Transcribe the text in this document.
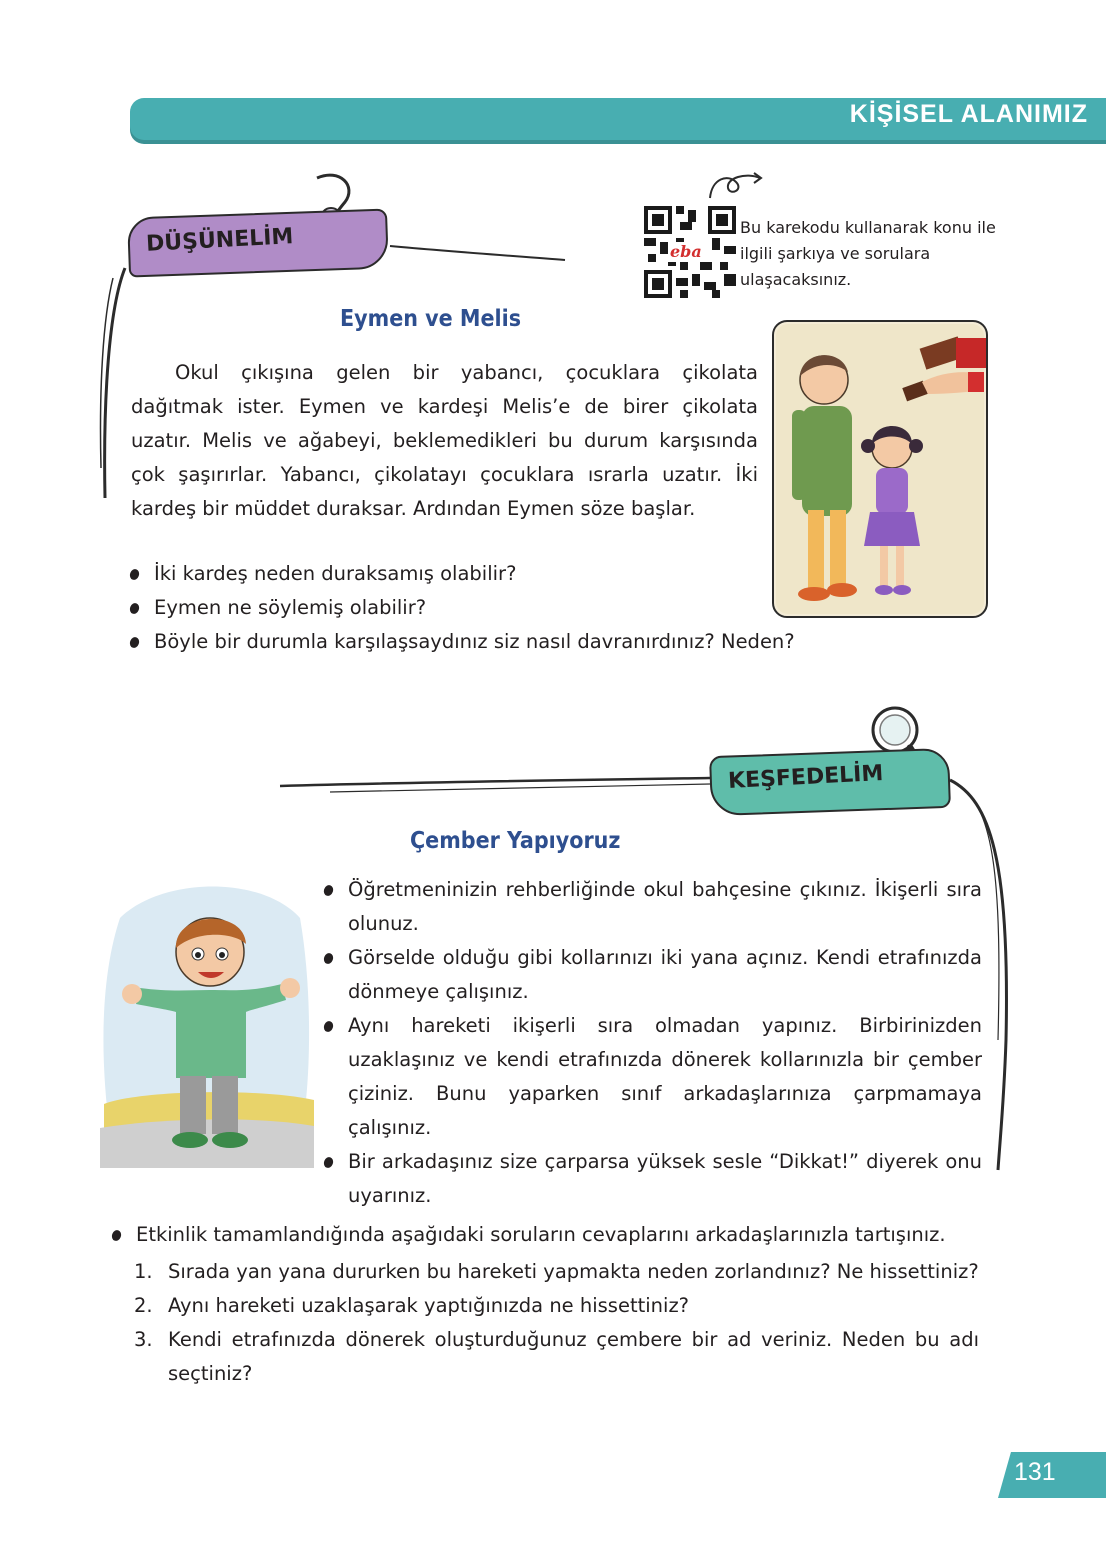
KİŞİSEL ALANIMIZ
DÜŞÜNELİM	eba
Bu karekodu kullanarak konu ile ilgili şarkıya ve sorulara ulaşacaksınız.
Eymen ve Melis

Okul çıkışına gelen bir yabancı, çocuklara çikolata dağıtmak ister. Eymen ve kardeşi Melis’e de birer çikolata uzatır. Melis ve ağabeyi, beklemedikleri bu durum karşısında çok şaşırırlar. Yabancı, çikolatayı çocuklara ısrarla uzatır. İki kardeş bir müddet duraksar. Ardından Eymen söze başlar.

İki kardeş neden duraksamış olabilir?
Eymen ne söylemiş olabilir?
Böyle bir durumla karşılaşsaydınız siz nasıl davranırdınız? Neden?
KEŞFEDELİM
Çember Yapıyoruz
Öğretmeninizin rehberliğinde okul bahçesine çıkınız. İkişerli sıra olunuz.
Görselde olduğu gibi kollarınızı iki yana açınız. Kendi etrafınızda dönmeye çalışınız.
Aynı hareketi ikişerli sıra olmadan yapınız. Birbirinizden uzaklaşınız ve kendi etrafınızda dönerek kollarınızla bir çember çiziniz. Bunu yaparken sınıf arkadaşlarınıza çarpmamaya çalışınız.
Bir arkadaşınız size çarparsa yüksek sesle “Dikkat!” diyerek onu uyarınız.
Etkinlik tamamlandığında aşağıdaki soruların cevaplarını arkadaşlarınızla tartışınız.
1. Sırada yan yana dururken bu hareketi yapmakta neden zorlandınız? Ne hissettiniz?
2. Aynı hareketi uzaklaşarak yaptığınızda ne hissettiniz?
3. Kendi etrafınızda dönerek oluşturduğunuz çembere bir ad veriniz. Neden bu adı seçtiniz?
131
